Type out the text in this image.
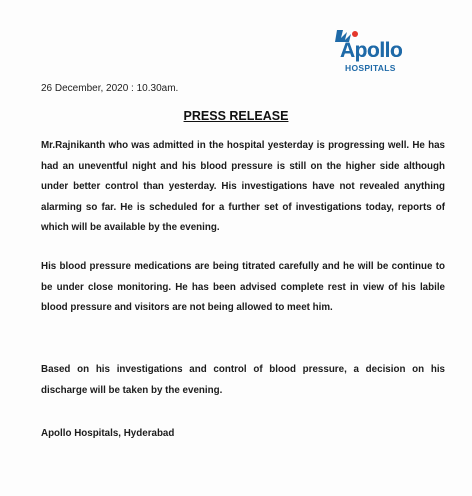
Apollo
HOSPITALS
26 December, 2020 : 10.30am.
PRESS RELEASE

Mr.Rajnikanth who was admitted in the hospital yesterday is progressing well. He has had an uneventful night and his blood pressure is still on the higher side although under better control than yesterday. His investigations have not revealed anything alarming so far. He is scheduled for a further set of investigations today, reports of which will be available by the evening.

His blood pressure medications are being titrated carefully and he will be continue to be under close monitoring. He has been advised complete rest in view of his labile blood pressure and visitors are not being allowed to meet him.

Based on his investigations and control of blood pressure, a decision on his discharge will be taken by the evening.

Apollo Hospitals, Hyderabad
